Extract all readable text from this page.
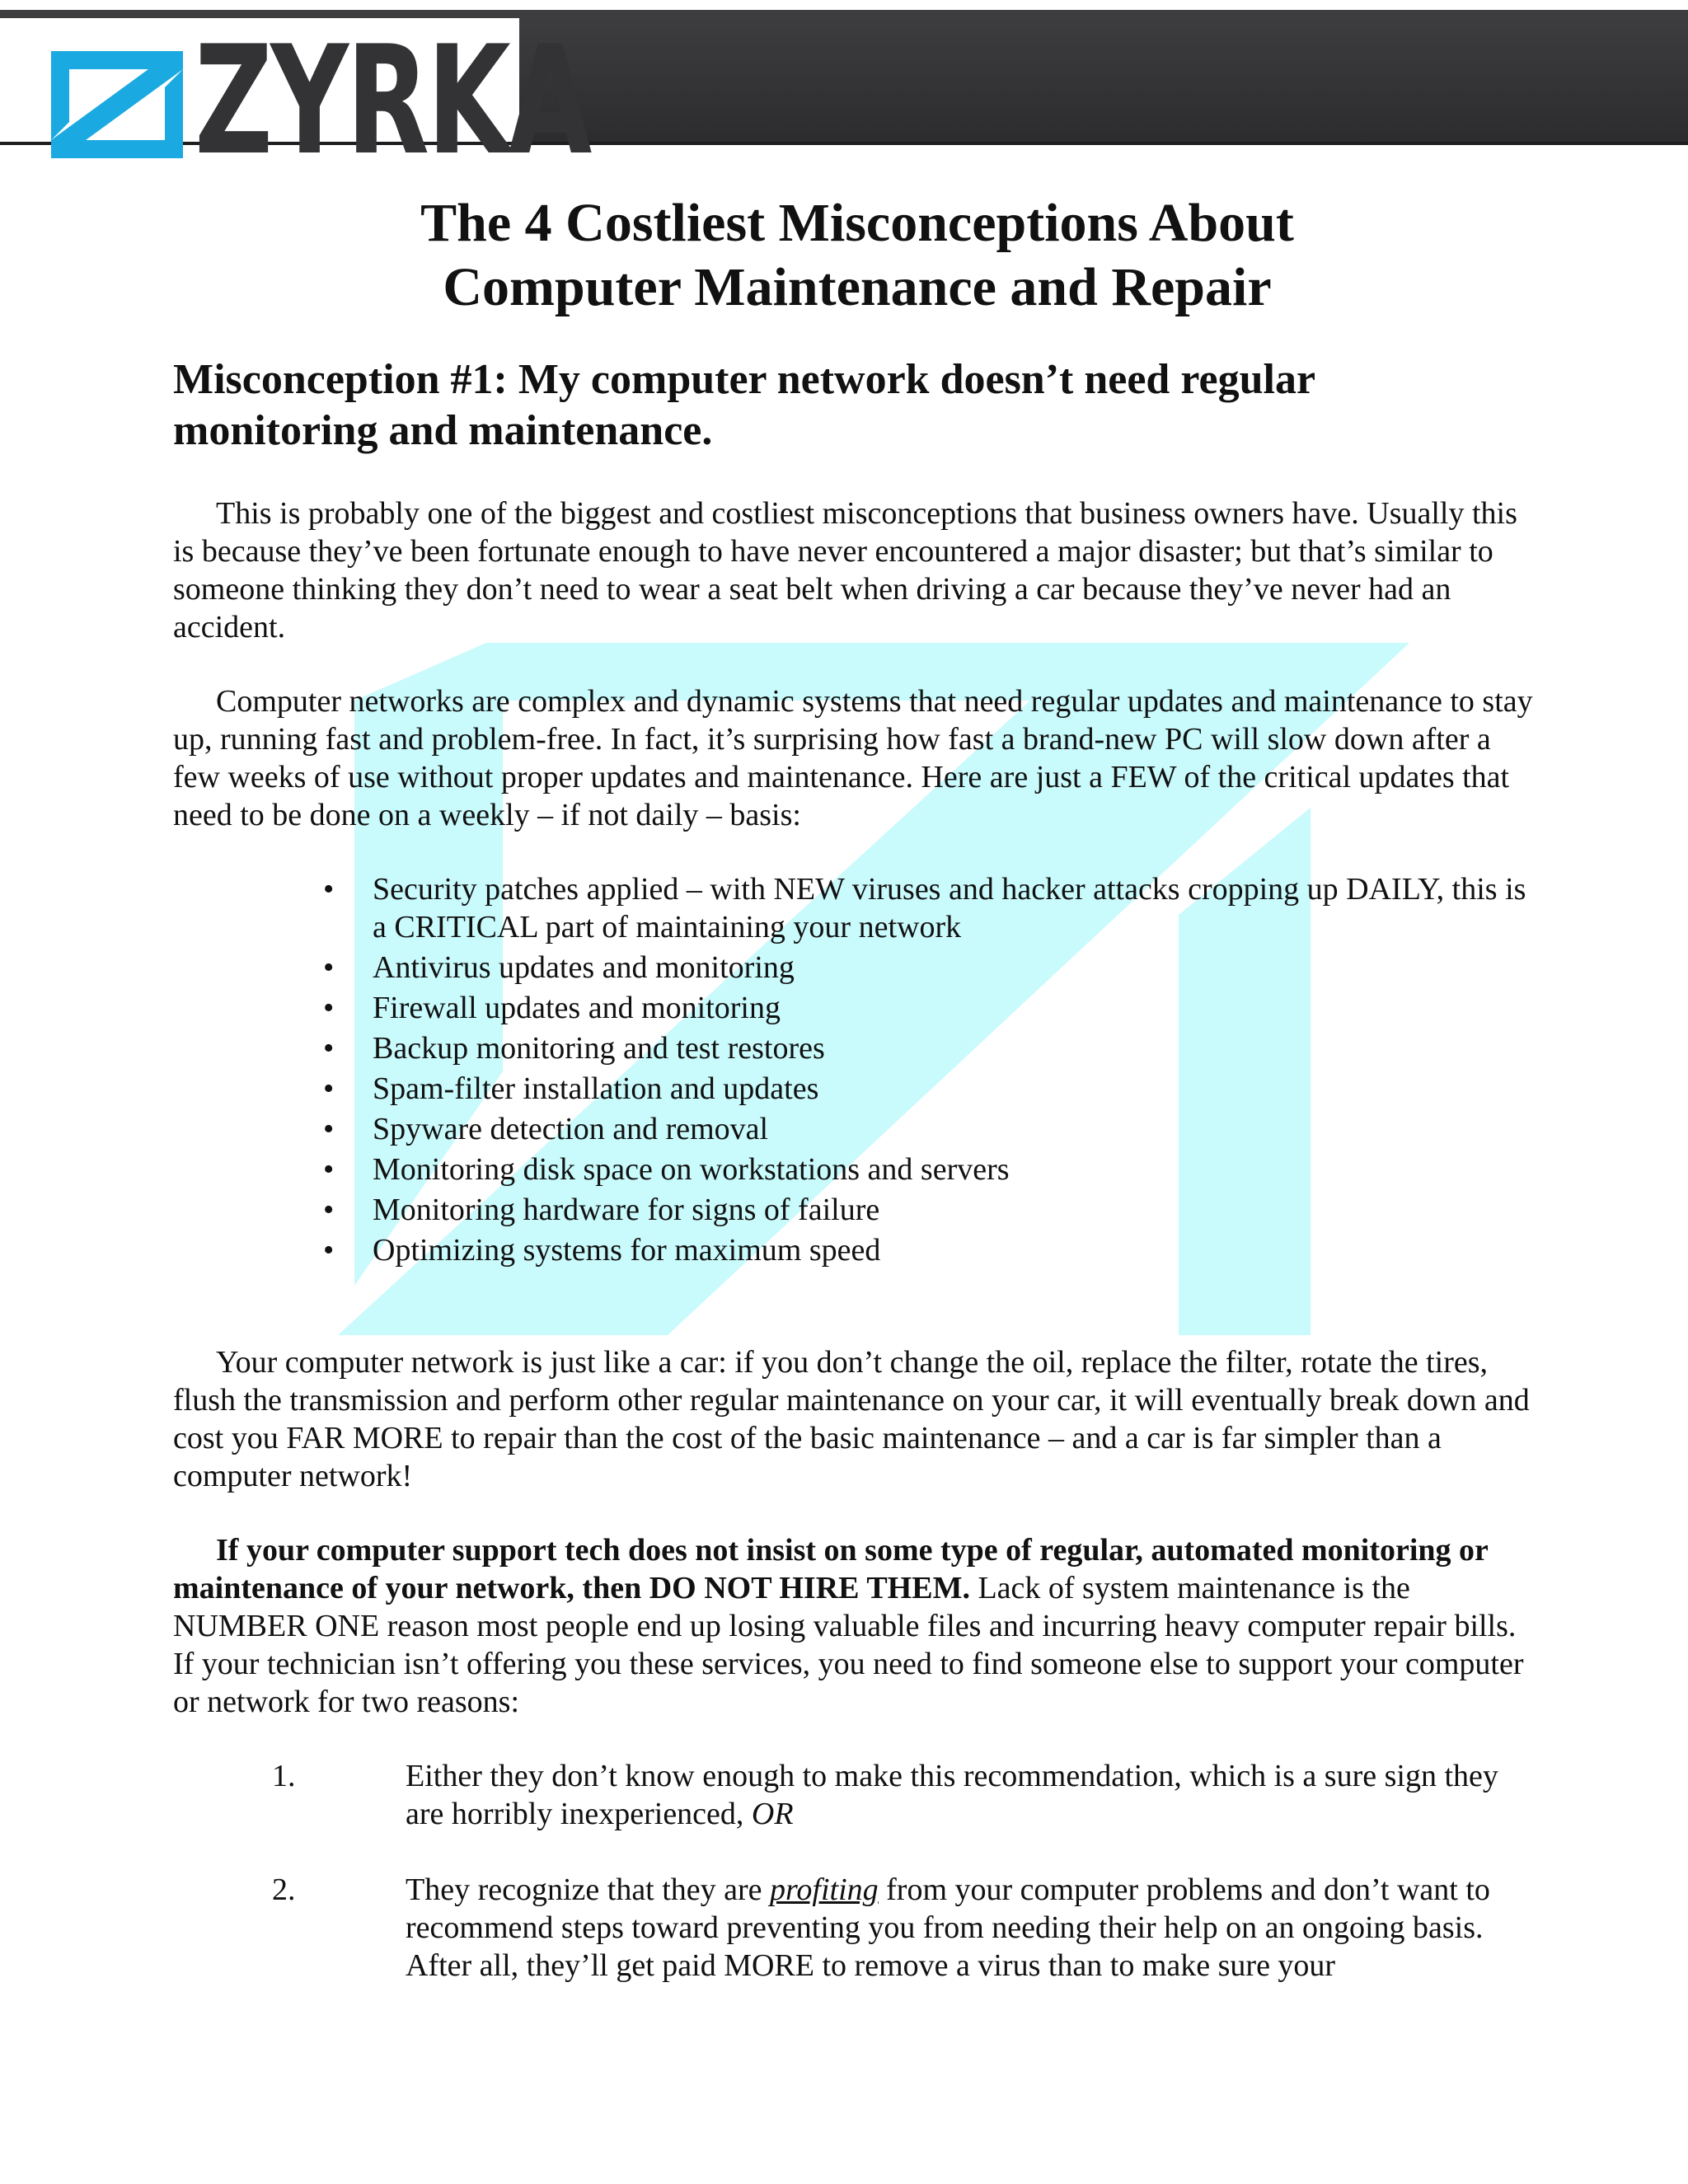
ZYRKA
The 4 Costliest Misconceptions About
Computer Maintenance and Repair
Misconception #1: My computer network doesn’t need regular
monitoring and maintenance.

This is probably one of the biggest and costliest misconceptions that business owners have. Usually this is because they’ve been fortunate enough to have never encountered a major disaster; but that’s similar to someone thinking they don’t need to wear a seat belt when driving a car because they’ve never had an accident.

Computer networks are complex and dynamic systems that need regular updates and maintenance to stay up, running fast and problem-free. In fact, it’s surprising how fast a brand-new PC will slow down after a few weeks of use without proper updates and maintenance. Here are just a FEW of the critical updates that need to be done on a weekly – if not daily – basis:

• Security patches applied – with NEW viruses and hacker attacks cropping up DAILY, this is a CRITICAL part of maintaining your network
• Antivirus updates and monitoring
• Firewall updates and monitoring
• Backup monitoring and test restores
• Spam-filter installation and updates
• Spyware detection and removal
• Monitoring disk space on workstations and servers
• Monitoring hardware for signs of failure
• Optimizing systems for maximum speed

Your computer network is just like a car: if you don’t change the oil, replace the filter, rotate the tires, flush the transmission and perform other regular maintenance on your car, it will eventually break down and cost you FAR MORE to repair than the cost of the basic maintenance – and a car is far simpler than a computer network!

If your computer support tech does not insist on some type of regular, automated monitoring or maintenance of your network, then DO NOT HIRE THEM. Lack of system maintenance is the NUMBER ONE reason most people end up losing valuable files and incurring heavy computer repair bills. If your technician isn’t offering you these services, you need to find someone else to support your computer or network for two reasons:

1.	Either they don’t know enough to make this recommendation, which is a sure sign they are horribly inexperienced, OR
2.	They recognize that they are profiting from your computer problems and don’t want to recommend steps toward preventing you from needing their help on an ongoing basis. After all, they’ll get paid MORE to remove a virus than to make sure your
